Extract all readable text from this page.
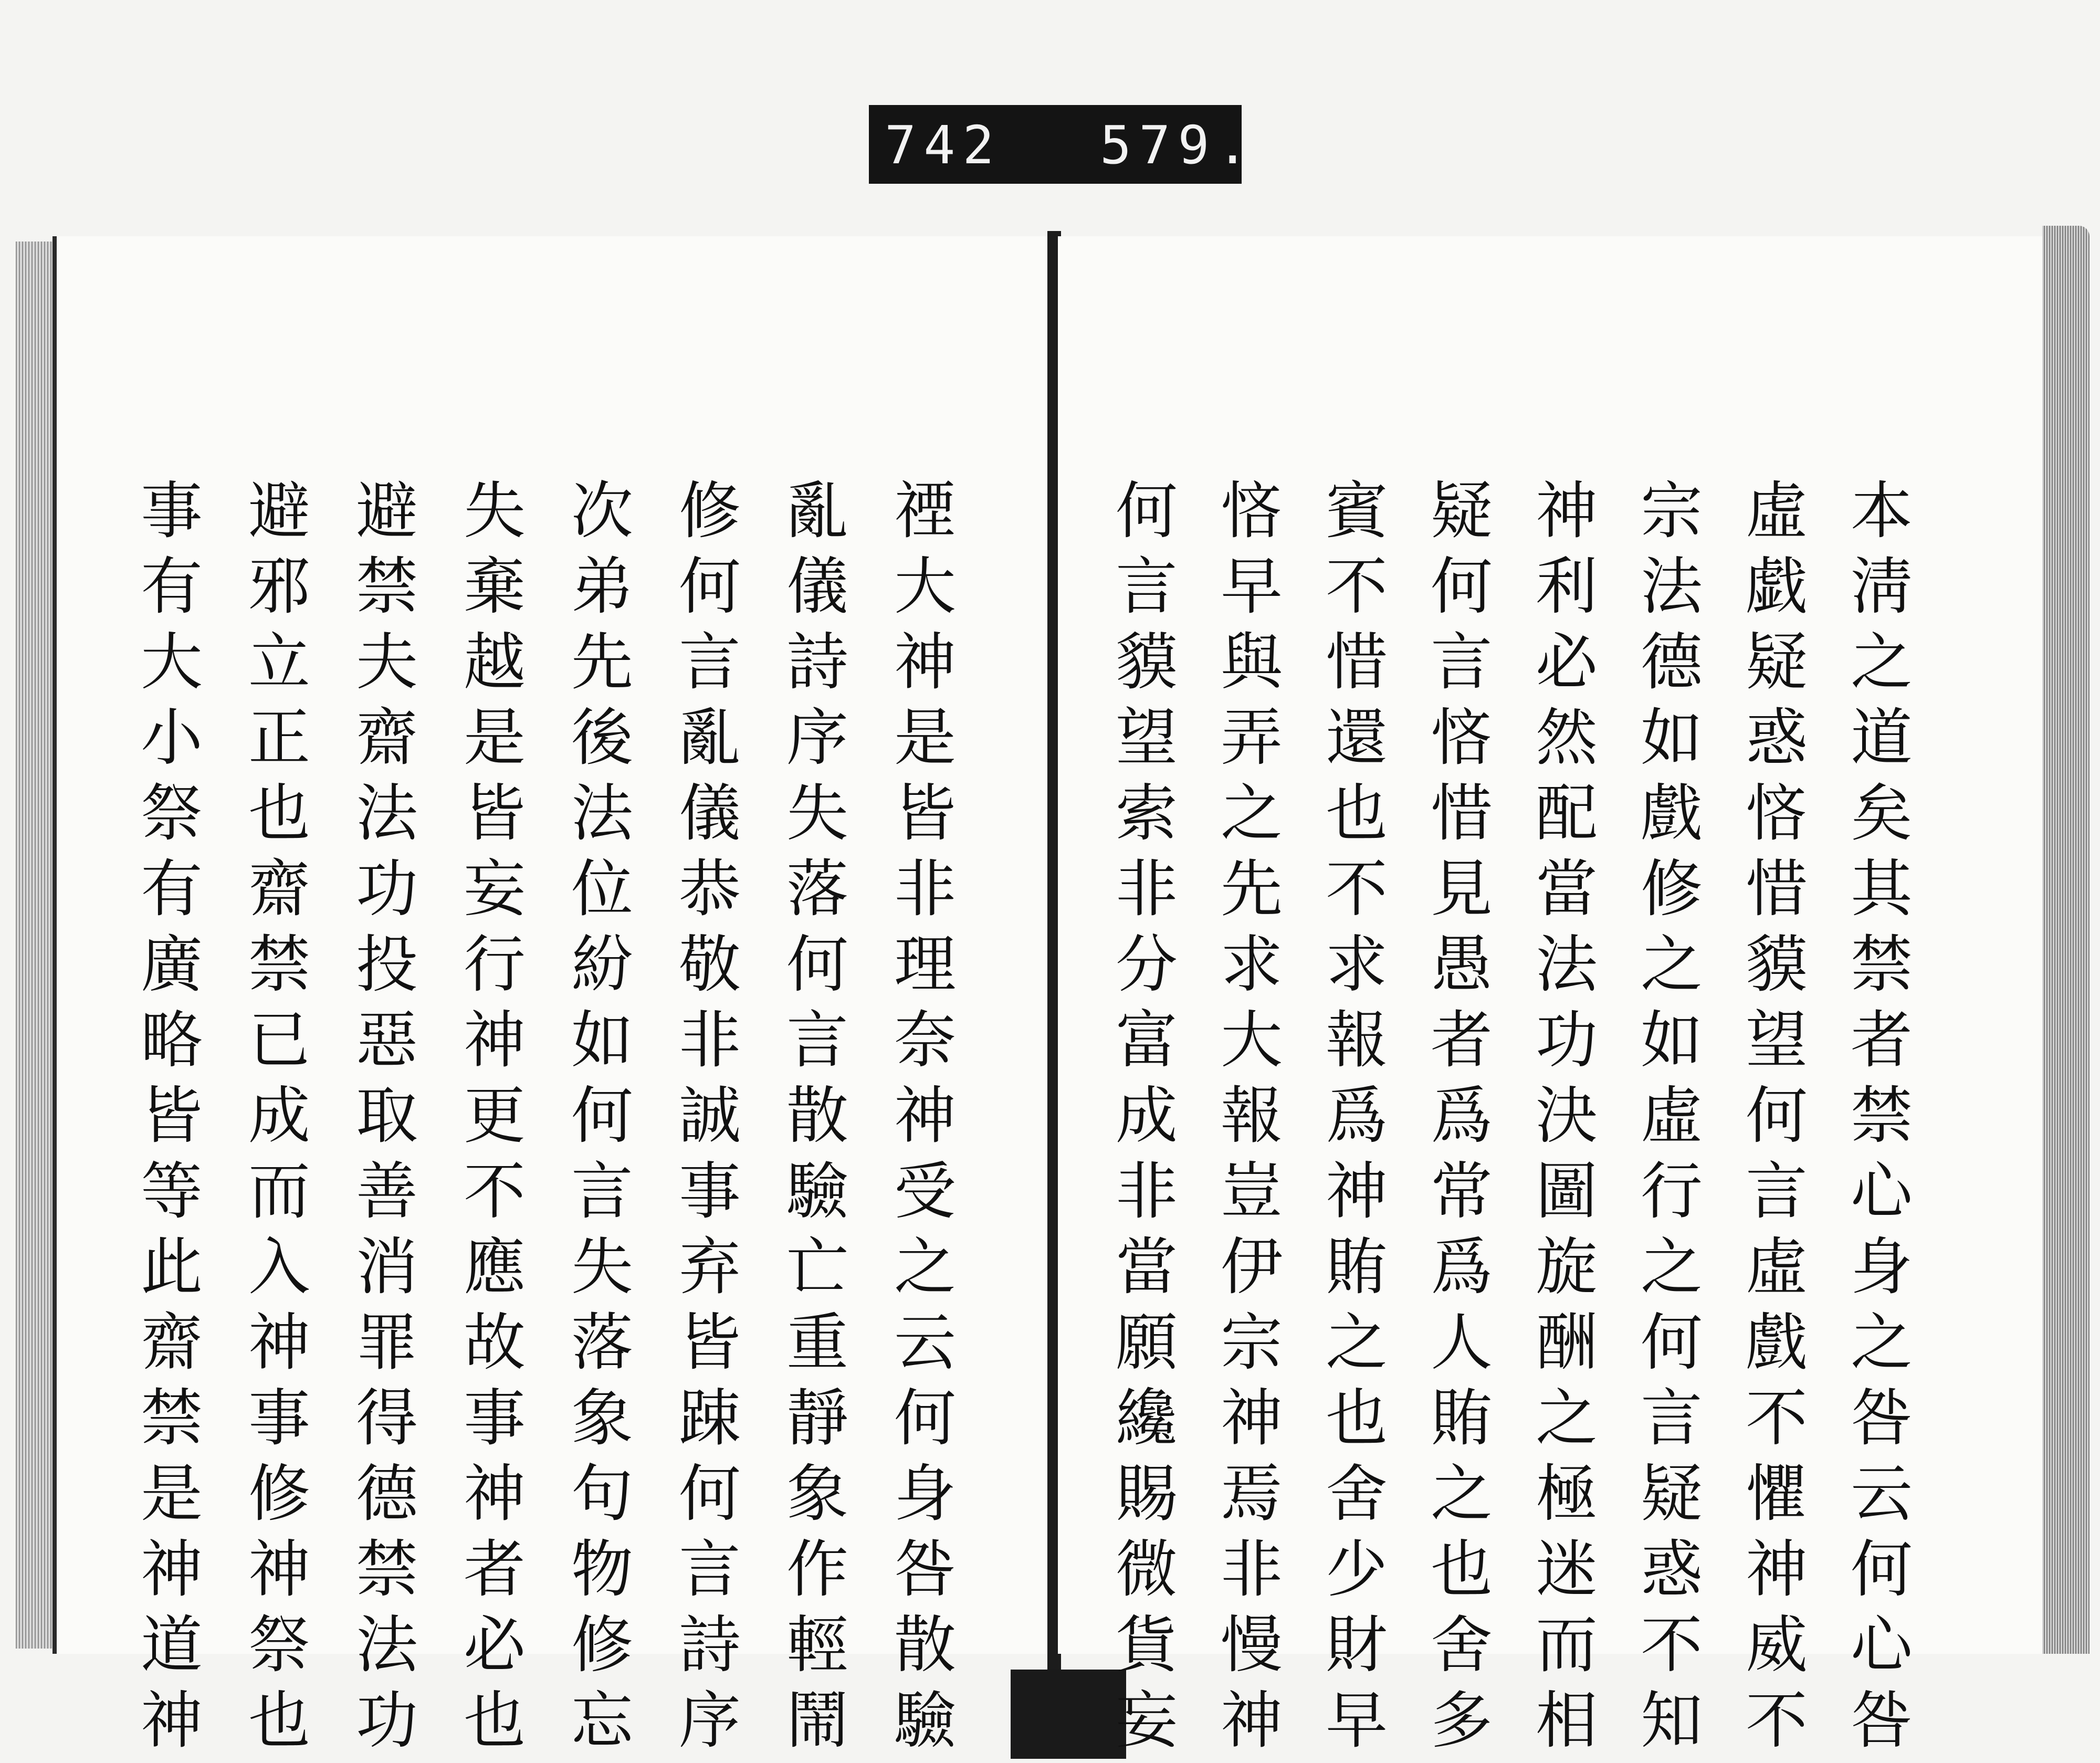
742 579.
禋大神是皆非理奈神受之云何身咎散驗
亂儀詩序失落何言散驗亡重靜象作輕鬧
修何言亂儀恭敬非誠事弃皆踈何言詩序
次弟先後法位紛如何言失落象句物修忘
失棄越是皆妄行神更不應故事神者必也
避禁夫齋法功投惡取善消罪得德禁法功
避邪立正也齋禁已成而入神事修神祭也
事有大小祭有廣略皆等此齋禁是神道神	本淸之道矣其禁者禁心身之咎云何心咎
虛戯疑惑悋惜貘望何言虛戲不懼神威不
宗法德如戲修之如虛行之何言疑惑不知
神利必然配當法功決圖旋酬之極迷而相
疑何言悋惜見愚者爲常爲人賄之也舍多
賓不惜還也不求報爲神賄之也舍少財早
悋早與弄之先求大報豈伊宗神焉非慢神
何言貘望索非分富成非當願纔賜微貨妄
